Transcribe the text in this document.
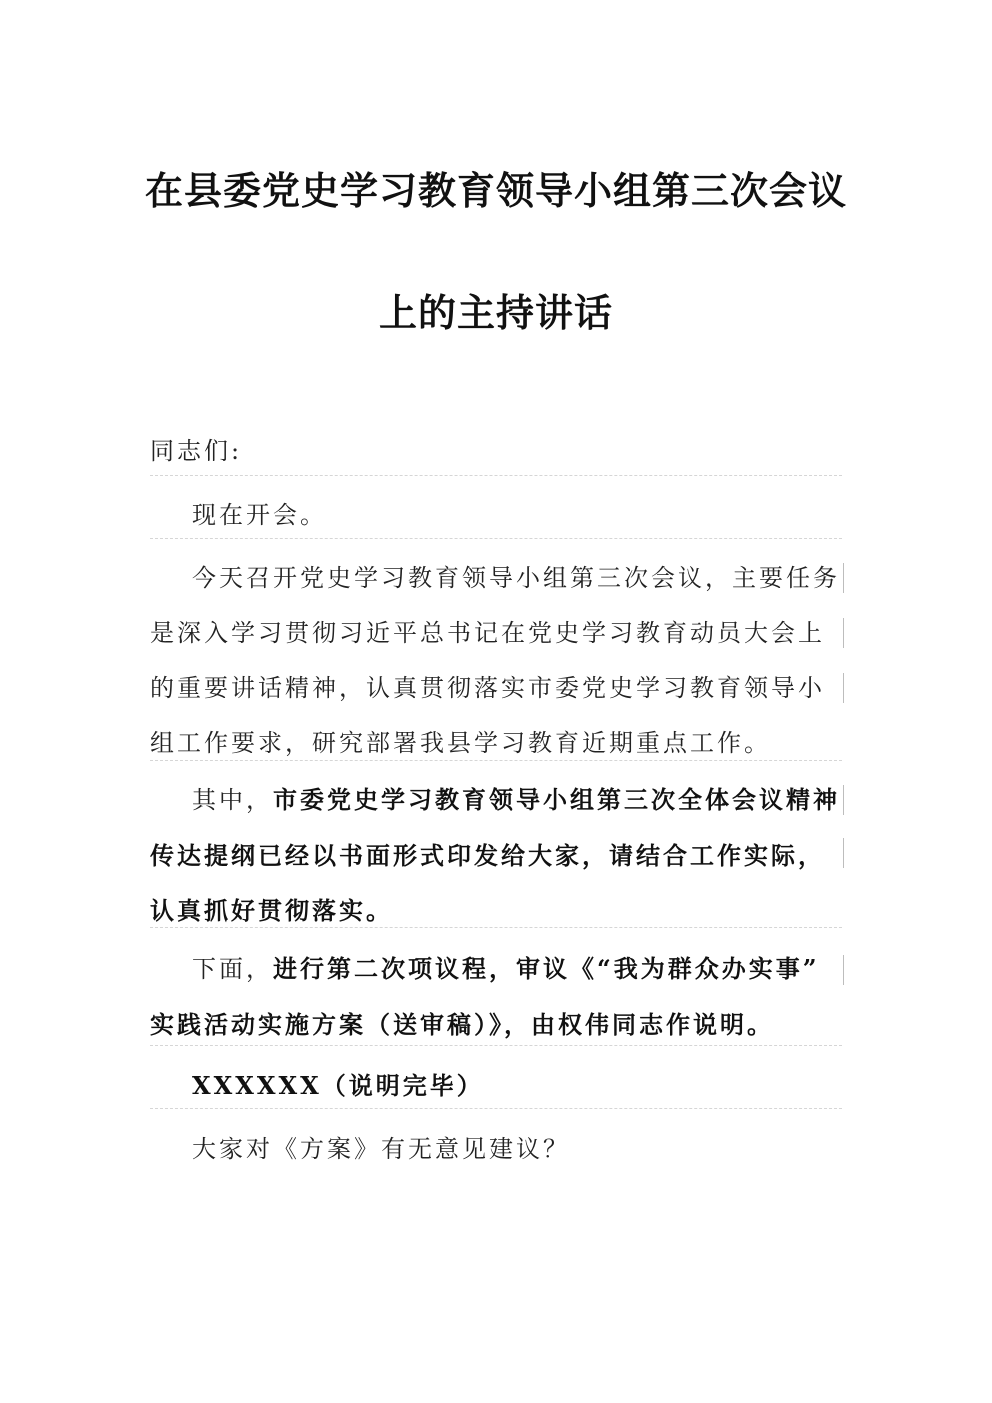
在县委党史学习教育领导小组第三次会议
上的主持讲话
同志们:
现在开会。
今天召开党史学习教育领导小组第三次会议，主要任务
是深入学习贯彻习近平总书记在党史学习教育动员大会上
的重要讲话精神，认真贯彻落实市委党史学习教育领导小
组工作要求，研究部署我县学习教育近期重点工作。
其中，市委党史学习教育领导小组第三次全体会议精神
传达提纲已经以书面形式印发给大家，请结合工作实际，
认真抓好贯彻落实。
下面，进行第二次项议程，审议《“我为群众办实事”
实践活动实施方案（送审稿）》，由权伟同志作说明。
XXXXXX（说明完毕）
大家对《方案》有无意见建议？
